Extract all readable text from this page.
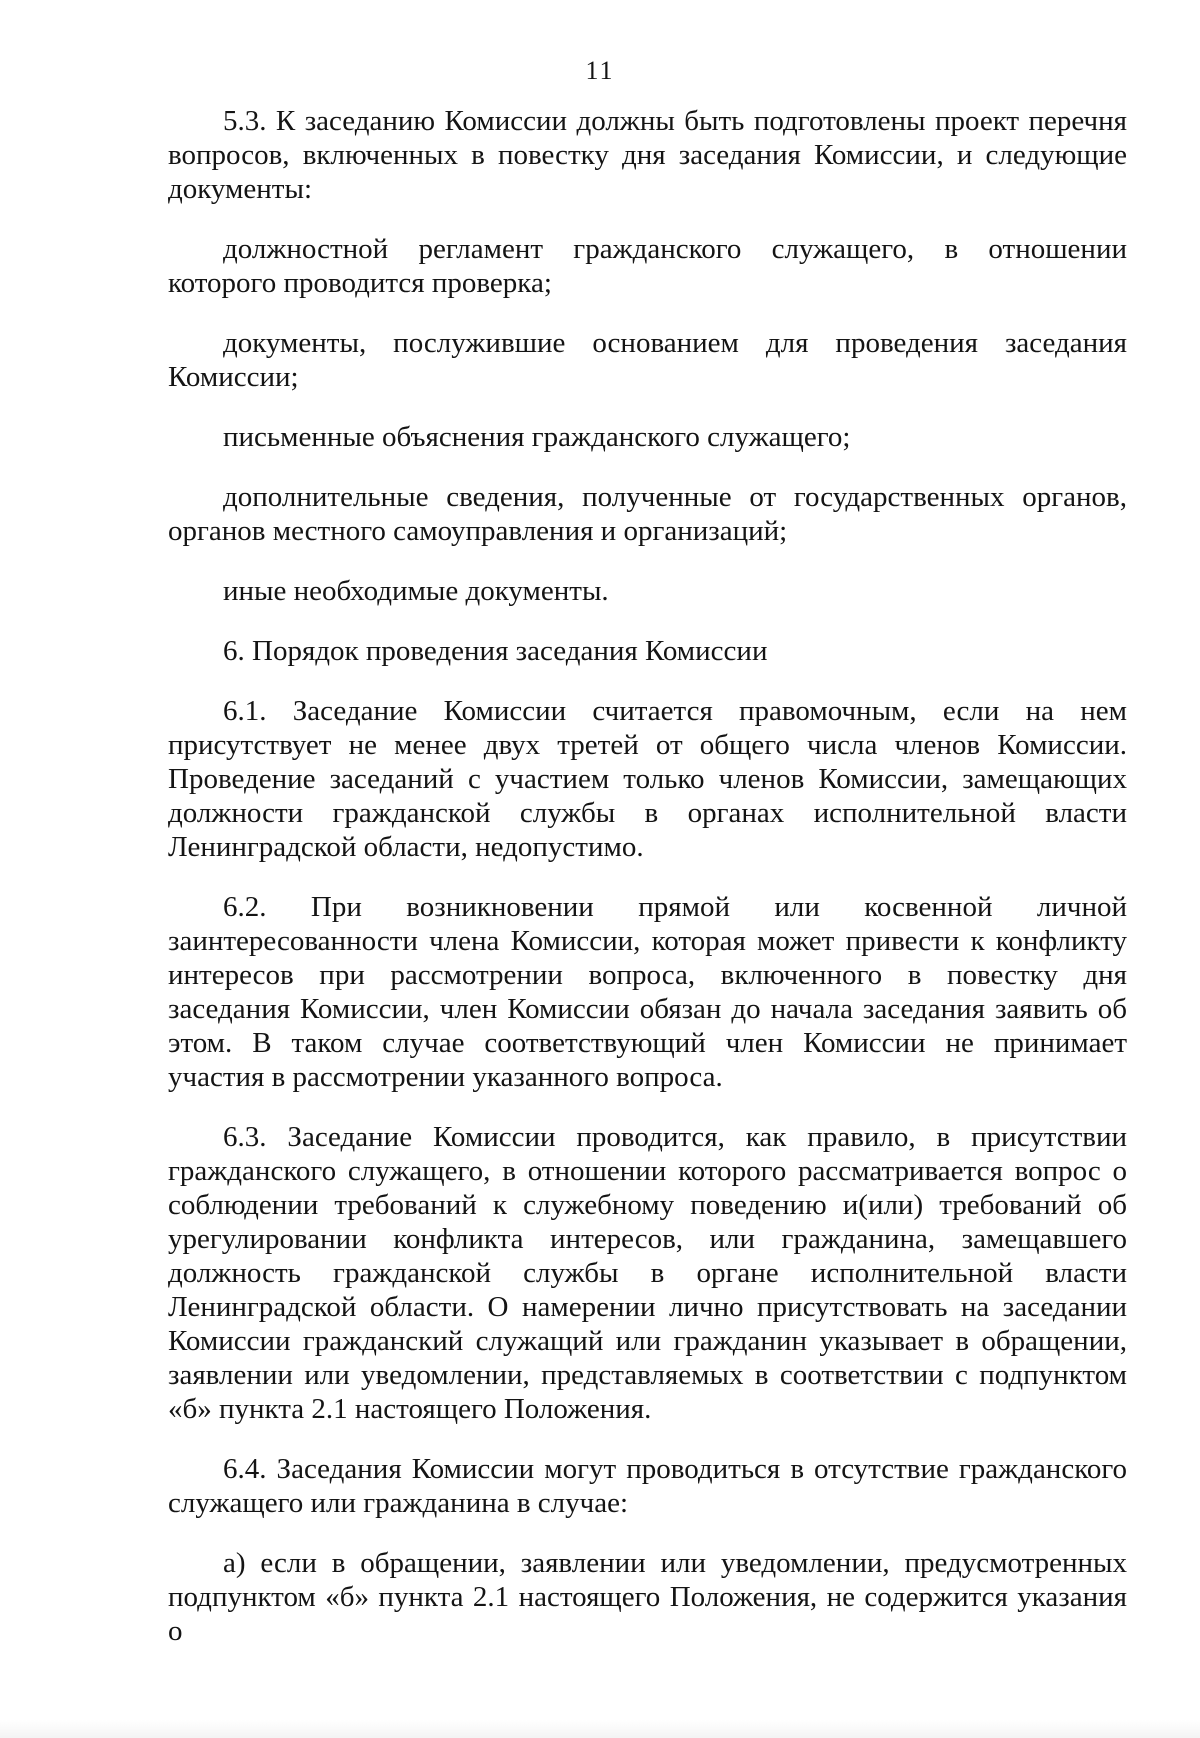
11

5.3. К заседанию Комиссии должны быть подготовлены проект перечня вопросов, включенных в повестку дня заседания Комиссии, и следующие документы:

должностной регламент гражданского служащего, в отношении которого проводится проверка;

документы, послужившие основанием для проведения заседания Комиссии;

письменные объяснения гражданского служащего;

дополнительные сведения, полученные от государственных органов, органов местного самоуправления и организаций;

иные необходимые документы.

6. Порядок проведения заседания Комиссии

6.1. Заседание Комиссии считается правомочным, если на нем присутствует не менее двух третей от общего числа членов Комиссии. Проведение заседаний с участием только членов Комиссии, замещающих должности гражданской службы в органах исполнительной власти Ленинградской области, недопустимо.

6.2. При возникновении прямой или косвенной личной заинтересованности члена Комиссии, которая может привести к конфликту интересов при рассмотрении вопроса, включенного в повестку дня заседания Комиссии, член Комиссии обязан до начала заседания заявить об этом. В таком случае соответствующий член Комиссии не принимает участия в рассмотрении указанного вопроса.

6.3. Заседание Комиссии проводится, как правило, в присутствии гражданского служащего, в отношении которого рассматривается вопрос о соблюдении требований к служебному поведению и(или) требований об урегулировании конфликта интересов, или гражданина, замещавшего должность гражданской службы в органе исполнительной власти Ленинградской области. О намерении лично присутствовать на заседании Комиссии гражданский служащий или гражданин указывает в обращении, заявлении или уведомлении, представляемых в соответствии с подпунктом «б» пункта 2.1 настоящего Положения.

6.4. Заседания Комиссии могут проводиться в отсутствие гражданского служащего или гражданина в случае:

а) если в обращении, заявлении или уведомлении, предусмотренных подпунктом «б» пункта 2.1 настоящего Положения, не содержится указания о
